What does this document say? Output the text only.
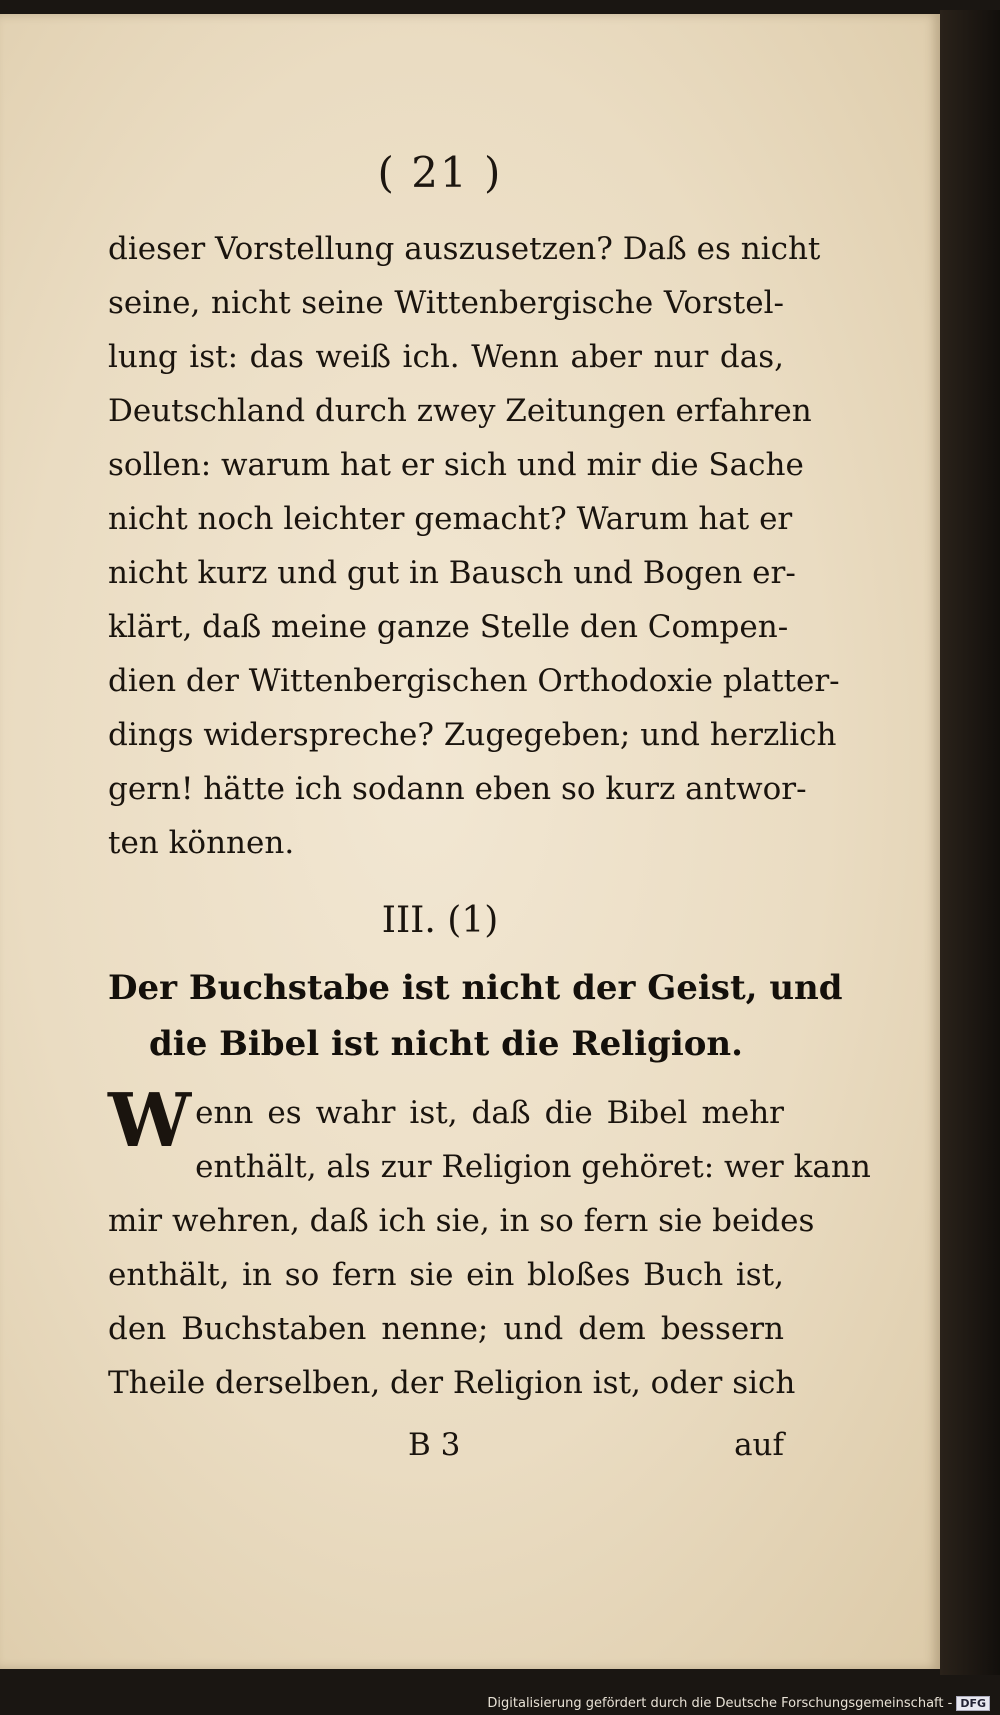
( 21 )
dieser Vorstellung auszusetzen? Daß es nicht
seine, nicht seine Wittenbergische Vorstel-
lung ist: das weiß ich. Wenn aber nur das,
Deutschland durch zwey Zeitungen erfahren
sollen: warum hat er sich und mir die Sache
nicht noch leichter gemacht? Warum hat er
nicht kurz und gut in Bausch und Bogen er-
klärt, daß meine ganze Stelle den Compen-
dien der Wittenbergischen Orthodoxie platter-
dings widerspreche? Zugegeben; und herzlich
gern! hätte ich sodann eben so kurz antwor-
ten können.
III. (1)
Der Buchstabe ist nicht der Geist, und
die Bibel ist nicht die Religion.
W enn es wahr ist, daß die Bibel mehr
enthält, als zur Religion gehöret: wer kann
mir wehren, daß ich sie, in so fern sie beides
enthält, in so fern sie ein bloßes Buch ist,
den Buchstaben nenne; und dem bessern
Theile derselben, der Religion ist, oder sich
B 3	auf
Digitalisierung gefördert durch die Deutsche Forschungsgemeinschaft - DFG
